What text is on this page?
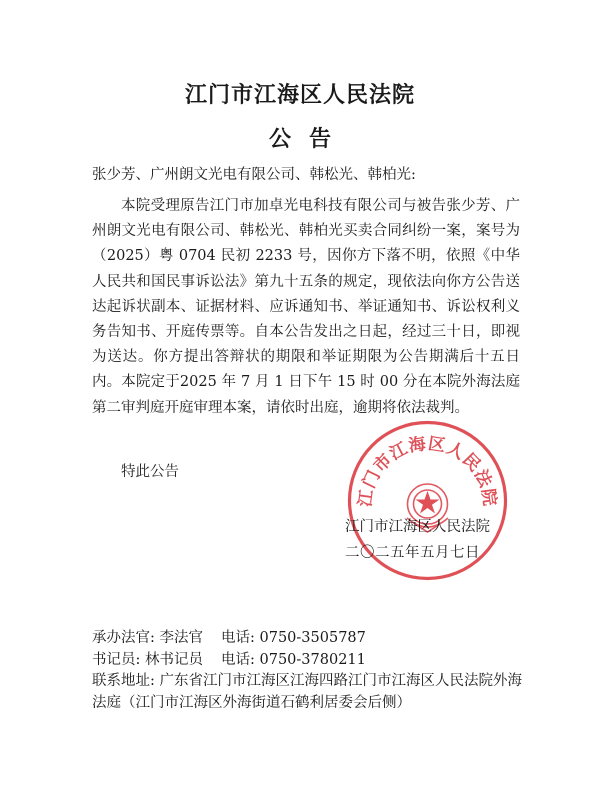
江门市江海区人民法院
公告
张少芳、广州朗文光电有限公司、韩松光、韩柏光:
本院受理原告江门市加卓光电科技有限公司与被告张少芳、广州朗文光电有限公司、韩松光、韩柏光买卖合同纠纷一案，案号为（2025）粤 0704 民初 2233 号，因你方下落不明，依照《中华人民共和国民事诉讼法》第九十五条的规定，现依法向你方公告送达起诉状副本、证据材料、应诉通知书、举证通知书、诉讼权利义务告知书、开庭传票等。自本公告发出之日起，经过三十日，即视为送达。你方提出答辩状的期限和举证期限为公告期满后十五日内。本院定于2025 年 7 月 1 日下午 15 时 00 分在本院外海法庭第二审判庭开庭审理本案，请依时出庭，逾期将依法裁判。
特此公告
江门市江海区人民法院
江门市江海区人民法院
二〇二五年五月七日
承办法官: 李法官 电话: 0750-3505787
书记员: 林书记员 电话: 0750-3780211
联系地址: 广东省江门市江海区江海四路江门市江海区人民法院外海法庭（江门市江海区外海街道石鹤利居委会后侧）
